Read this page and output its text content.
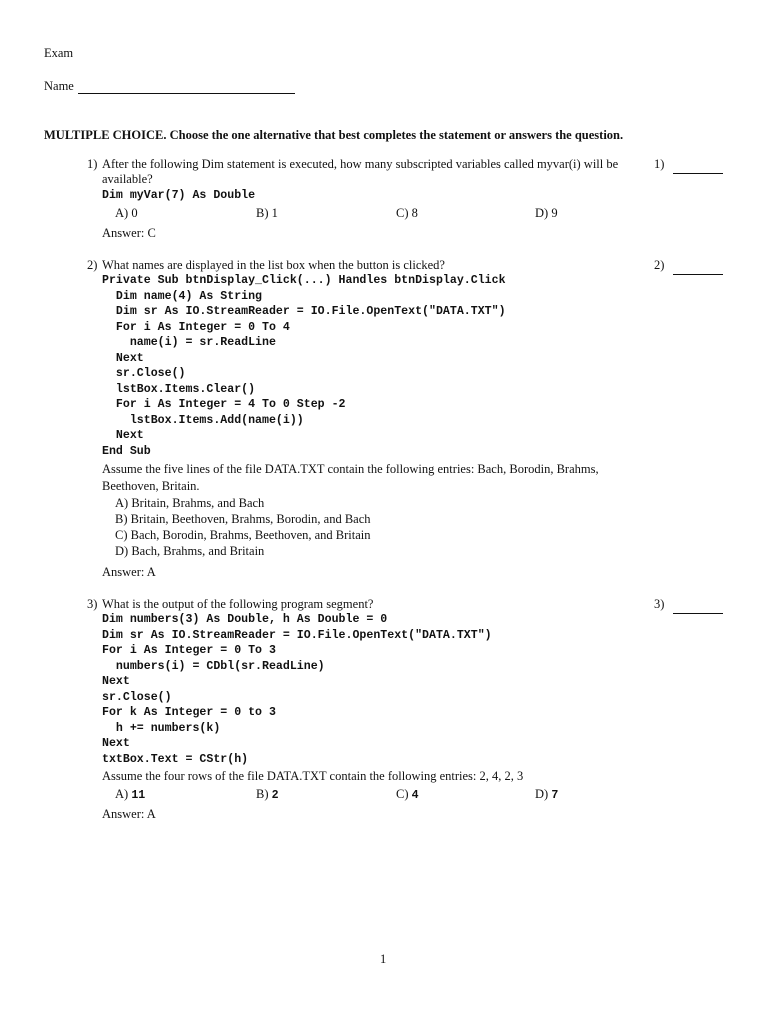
Exam
Name
MULTIPLE CHOICE. Choose the one alternative that best completes the statement or answers the question.
1) After the following Dim statement is executed, how many subscripted variables called myvar(i) will be available?
Dim myVar(7) As Double
A) 0	B) 1	C) 8	D) 9
Answer: C
1)
2) What names are displayed in the list box when the button is clicked?
Private Sub btnDisplay_Click(...) Handles btnDisplay.Click
Dim name(4) As String
Dim sr As IO.StreamReader = IO.File.OpenText("DATA.TXT")
For i As Integer = 0 To 4
name(i) = sr.ReadLine
Next
sr.Close()
lstBox.Items.Clear()
For i As Integer = 4 To 0 Step -2
lstBox.Items.Add(name(i))
Next
End Sub
Assume the five lines of the file DATA.TXT contain the following entries: Bach, Borodin, Brahms, Beethoven, Britain.
A) Britain, Brahms, and Bach
B) Britain, Beethoven, Brahms, Borodin, and Bach
C) Bach, Borodin, Brahms, Beethoven, and Britain
D) Bach, Brahms, and Britain
Answer: A
2)
3) What is the output of the following program segment?
Dim numbers(3) As Double, h As Double = 0
Dim sr As IO.StreamReader = IO.File.OpenText("DATA.TXT")
For i As Integer = 0 To 3
numbers(i) = CDbl(sr.ReadLine)
Next
sr.Close()
For k As Integer = 0 to 3
h += numbers(k)
Next
txtBox.Text = CStr(h)
Assume the four rows of the file DATA.TXT contain the following entries: 2, 4, 2, 3
A) 11	B) 2	C) 4	D) 7
Answer: A
3)
1
